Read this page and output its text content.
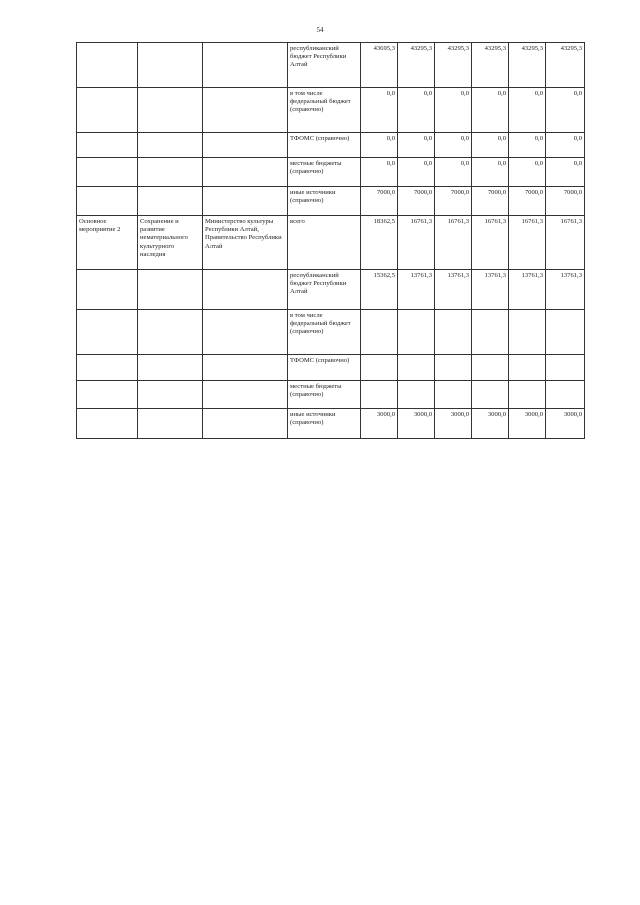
54
			республиканский бюджет Республики Алтай	43695,3	43295,3	43295,3	43295,3	43295,3	43295,3
			в том числе федеральный бюджет (справочно)	0,0	0,0	0,0	0,0	0,0	0,0
			ТФОМС (справочно)	0,0	0,0	0,0	0,0	0,0	0,0
			местные бюджеты (справочно)	0,0	0,0	0,0	0,0	0,0	0,0
			иные источники (справочно)	7000,0	7000,0	7000,0	7000,0	7000,0	7000,0
Основное мероприятие 2	Сохранение и развитие нематериального культурного наследия	Министерство культуры Республики Алтай, Правительство Республики Алтай	всего	18362,5	16761,3	16761,3	16761,3	16761,3	16761,3
			республиканский бюджет Республики Алтай	15362,5	13761,3	13761,3	13761,3	13761,3	13761,3
			в том числе федеральный бюджет (справочно)						
			ТФОМС (справочно)						
			местные бюджеты (справочно)						
			иные источники (справочно)	3000,0	3000,0	3000,0	3000,0	3000,0	3000,0
